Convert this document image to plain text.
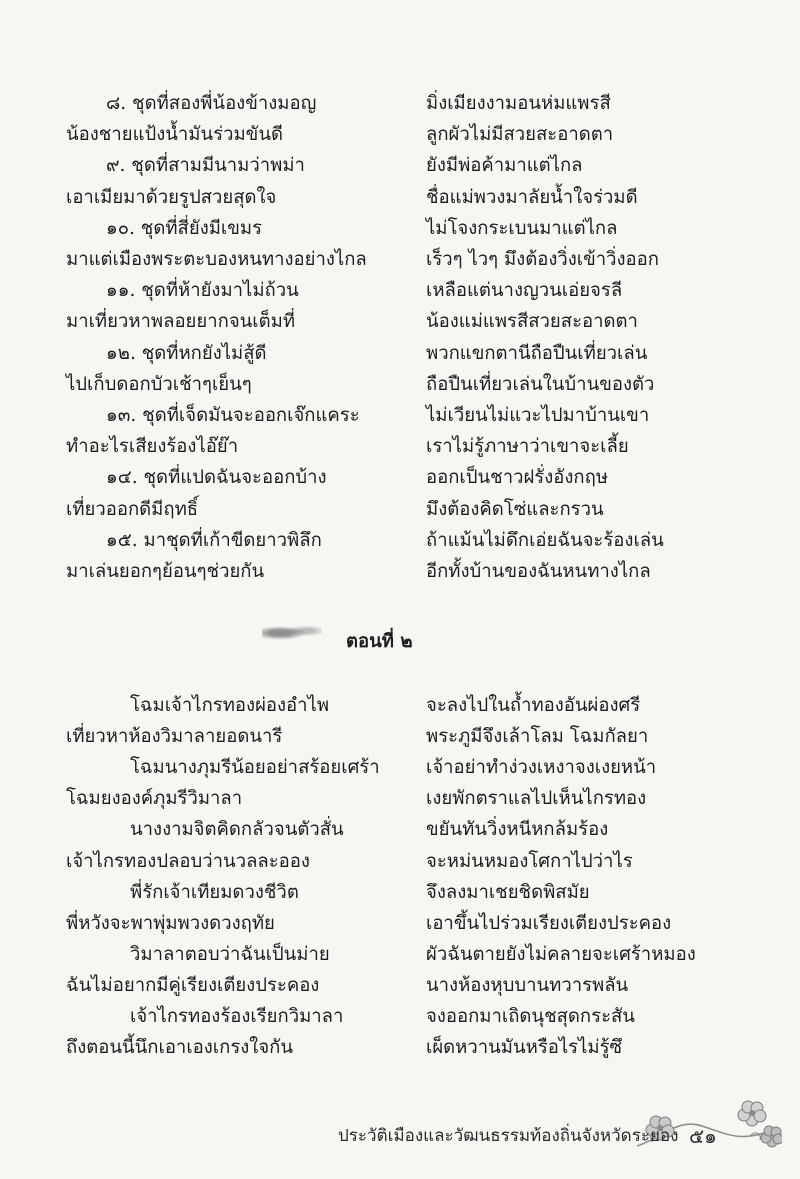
๘. ชุดที่สองพี่น้องข้างมอญ	มิ่งเมียงงามอนห่มแพรสี
น้องชายแป้งน้ำมันร่วมขันดี	ลูกผัวไม่มีสวยสะอาดตา
๙. ชุดที่สามมีนามว่าพม่า	ยังมีพ่อค้ามาแต่ไกล
เอาเมียมาด้วยรูปสวยสุดใจ	ชื่อแม่พวงมาลัยน้ำใจร่วมดี
๑๐. ชุดที่สี่ยังมีเขมร	ไม่โจงกระเบนมาแต่ไกล
มาแต่เมืองพระตะบองหนทางอย่างไกล	เร็วๆ ไวๆ มึงต้องวิ่งเข้าวิ่งออก
๑๑. ชุดที่ห้ายังมาไม่ถ้วน	เหลือแต่นางญวนเอ่ยจรลี
มาเที่ยวหาพลอยยากจนเต็มที่	น้องแม่แพรสีสวยสะอาดตา
๑๒. ชุดที่หกยังไม่สู้ดี	พวกแขกตานีถือปืนเที่ยวเล่น
ไปเก็บดอกบัวเช้าๆเย็นๆ	ถือปืนเที่ยวเล่นในบ้านของตัว
๑๓. ชุดที่เจ็ดมันจะออกเจ๊กแคระ	ไม่เวียนไม่แวะไปมาบ้านเขา
ทำอะไรเสียงร้องไอ๊ย๊า	เราไม่รู้ภาษาว่าเขาจะเลี้ย
๑๔. ชุดที่แปดฉันจะออกบ้าง	ออกเป็นชาวฝรั่งอังกฤษ
เที่ยวออกดีมีฤทธิ์	มึงต้องคิดโซ่และกรวน
๑๕. มาชุดที่เก้าขีดยาวพิลึก	ถ้าแม้นไม่ดึกเอ่ยฉันจะร้องเล่น
มาเล่นยอกๆย้อนๆช่วยกัน	อีกทั้งบ้านของฉันหนทางไกล
ตอนที่ ๒
โฉมเจ้าไกรทองผ่องอำไพ	จะลงไปในถ้ำทองอันผ่องศรี
เที่ยวหาห้องวิมาลายอดนารี	พระภูมีจึงเล้าโลม โฉมกัลยา
โฉมนางภุมรีน้อยอย่าสร้อยเศร้า	เจ้าอย่าทำง่วงเหงาจงเงยหน้า
โฉมยงองค์ภุมรีวิมาลา	เงยพักตราแลไปเห็นไกรทอง
นางงามจิตคิดกลัวจนตัวสั่น	ขยันทันวิ่งหนีหกล้มร้อง
เจ้าไกรทองปลอบว่านวลละออง	จะหม่นหมองโศกาไปว่าไร
พี่รักเจ้าเทียมดวงชีวิต	จึงลงมาเชยชิดพิสมัย
พี่หวังจะพาพุ่มพวงดวงฤทัย	เอาขึ้นไปร่วมเรียงเตียงประคอง
วิมาลาตอบว่าฉันเป็นม่าย	ผัวฉันตายยังไม่คลายจะเศร้าหมอง
ฉันไม่อยากมีคู่เรียงเตียงประคอง	นางห้องหุบบานทวารพลัน
เจ้าไกรทองร้องเรียกวิมาลา	จงออกมาเถิดนุชสุดกระสัน
ถึงตอนนี้นึกเอาเองเกรงใจกัน	เผ็ดหวานมันหรือไรไม่รู้ซึ
๕๑
ประวัติเมืองและวัฒนธรรมท้องถิ่นจังหวัดระยอง
